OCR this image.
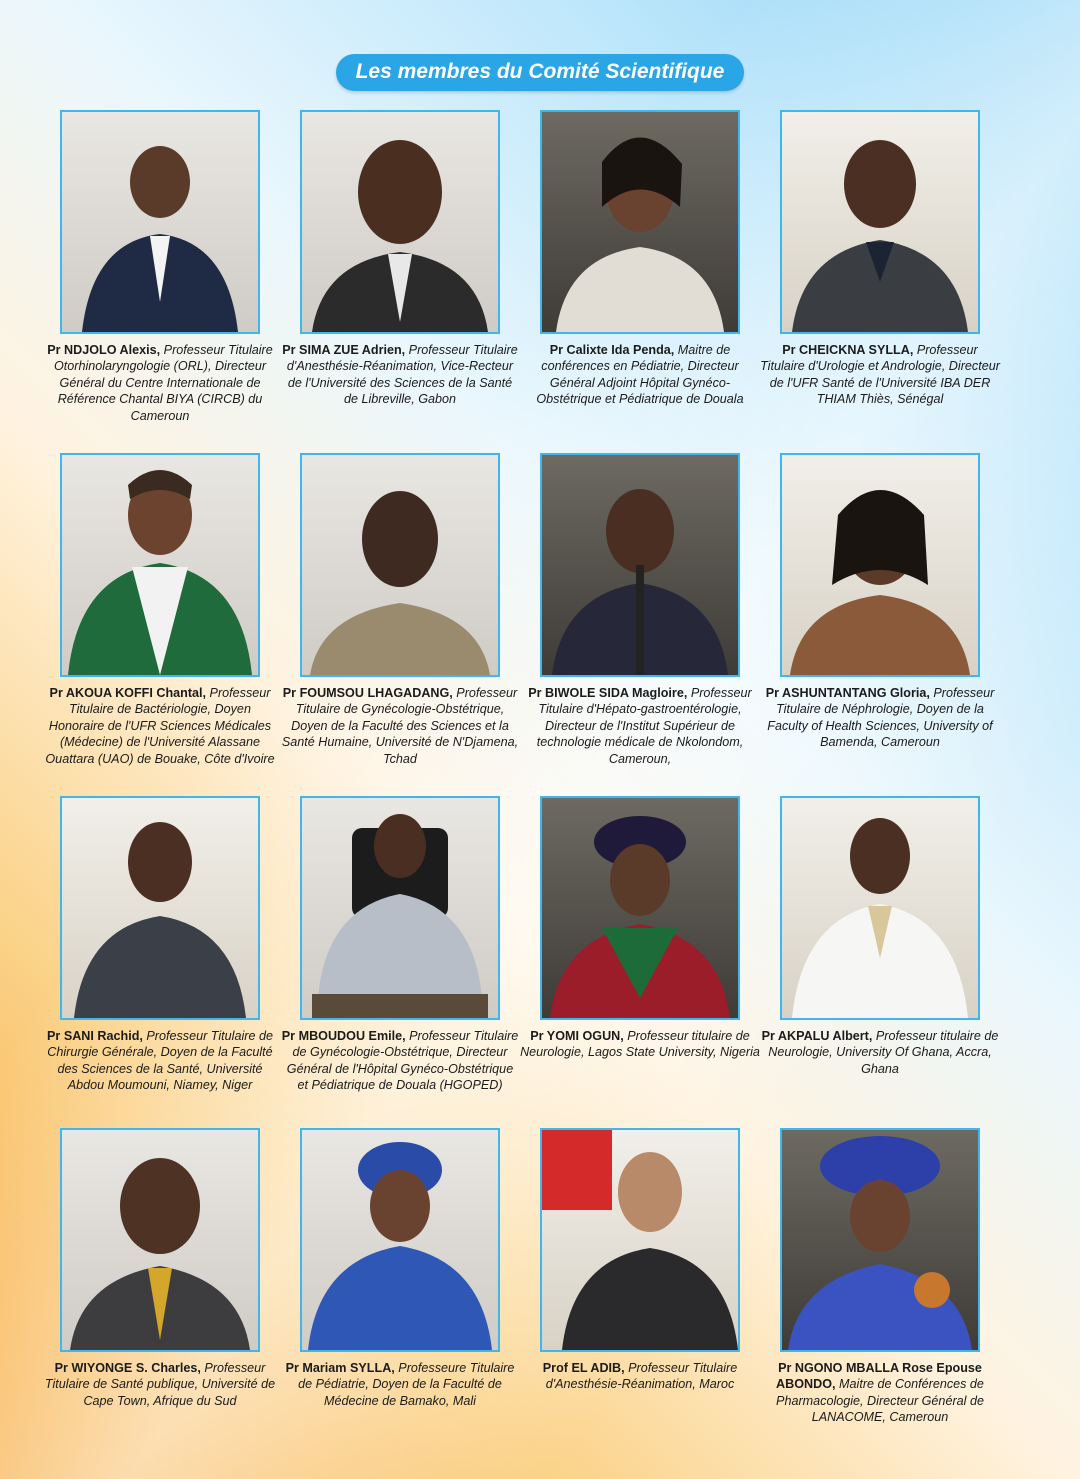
Les membres du Comité Scientifique
Pr NDJOLO Alexis, Professeur Titulaire Otorhinolaryngologie (ORL), Directeur Général du Centre Internationale de Référence Chantal BIYA (CIRCB) du Cameroun
Pr SIMA ZUE Adrien, Professeur Titulaire d'Anesthésie-Réanimation, Vice-Recteur de l'Université des Sciences de la Santé de Libreville, Gabon
Pr Calixte Ida Penda, Maitre de conférences en Pédiatrie, Directeur Général Adjoint Hôpital Gynéco-Obstétrique et Pédiatrique de Douala
Pr CHEICKNA SYLLA, Professeur Titulaire d'Urologie et Andrologie, Directeur de l'UFR Santé de l'Université IBA DER THIAM Thiès, Sénégal
Pr AKOUA KOFFI Chantal, Professeur Titulaire de Bactériologie, Doyen Honoraire de l'UFR Sciences Médicales (Médecine) de l'Université Alassane Ouattara (UAO) de Bouake, Côte d'Ivoire
Pr FOUMSOU LHAGADANG, Professeur Titulaire de Gynécologie-Obstétrique, Doyen de la Faculté des Sciences et la Santé Humaine, Université de N'Djamena, Tchad
Pr BIWOLE SIDA Magloire, Professeur Titulaire d'Hépato-gastroentérologie, Directeur de l'Institut Supérieur de technologie médicale de Nkolondom, Cameroun,
Pr ASHUNTANTANG Gloria, Professeur Titulaire de Néphrologie, Doyen de la Faculty of Health Sciences, University of Bamenda, Cameroun
Pr SANI Rachid, Professeur Titulaire de Chirurgie Générale, Doyen de la Faculté des Sciences de la Santé, Université Abdou Moumouni, Niamey, Niger
Pr MBOUDOU Emile, Professeur Titulaire de Gynécologie-Obstétrique, Directeur Général de l'Hôpital Gynéco-Obstétrique et Pédiatrique de Douala (HGOPED)
Pr YOMI OGUN, Professeur titulaire de Neurologie, Lagos State University, Nigeria
Pr AKPALU Albert, Professeur titulaire de Neurologie, University Of Ghana, Accra, Ghana
Pr WIYONGE S. Charles, Professeur Titulaire de Santé publique, Université de Cape Town, Afrique du Sud
Pr Mariam SYLLA, Professeure Titulaire de Pédiatrie, Doyen de la Faculté de Médecine de Bamako, Mali
Prof EL ADIB, Professeur Titulaire d'Anesthésie-Réanimation, Maroc
Pr NGONO MBALLA Rose Epouse ABONDO, Maitre de Conférences de Pharmacologie, Directeur Général de LANACOME, Cameroun
